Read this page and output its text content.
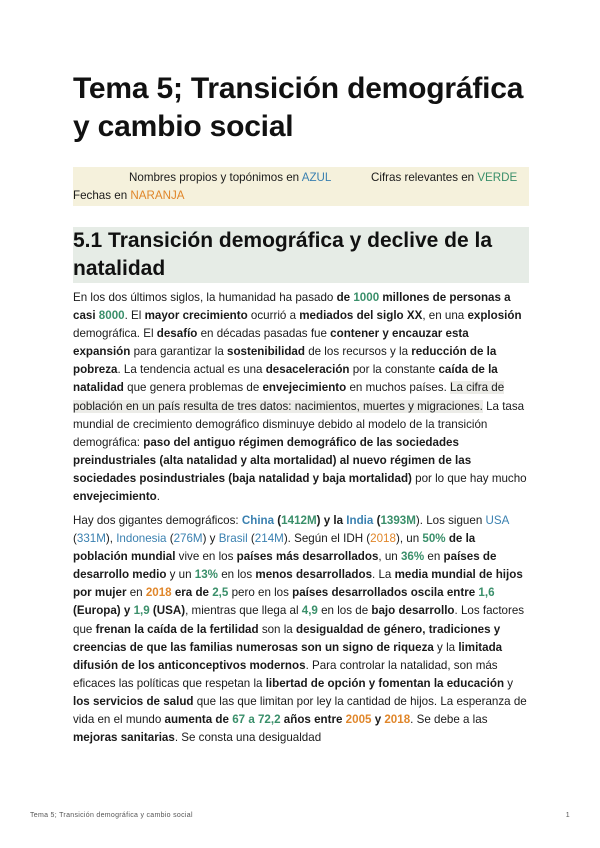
Tema 5; Transición demográfica y cambio social
Nombres propios y topónimos en AZUL	Cifras relevantes en VERDE
Fechas en NARANJA
5.1 Transición demográfica y declive de la natalidad

En los dos últimos siglos, la humanidad ha pasado de 1000 millones de personas a casi 8000. El mayor crecimiento ocurrió a mediados del siglo XX, en una explosión demográfica. El desafío en décadas pasadas fue contener y encauzar esta expansión para garantizar la sostenibilidad de los recursos y la reducción de la pobreza. La tendencia actual es una desaceleración por la constante caída de la natalidad que genera problemas de envejecimiento en muchos países. La cifra de población en un país resulta de tres datos: nacimientos, muertes y migraciones. La tasa mundial de crecimiento demográfico disminuye debido al modelo de la transición demográfica: paso del antiguo régimen demográfico de las sociedades preindustriales (alta natalidad y alta mortalidad) al nuevo régimen de las sociedades posindustriales (baja natalidad y baja mortalidad) por lo que hay mucho envejecimiento.

Hay dos gigantes demográficos: China (1412M) y la India (1393M). Los siguen USA (331M), Indonesia (276M) y Brasil (214M). Según el IDH (2018), un 50% de la población mundial vive en los países más desarrollados, un 36% en países de desarrollo medio y un 13% en los menos desarrollados. La media mundial de hijos por mujer en 2018 era de 2,5 pero en los países desarrollados oscila entre 1,6 (Europa) y 1,9 (USA), mientras que llega al 4,9 en los de bajo desarrollo. Los factores que frenan la caída de la fertilidad son la desigualdad de género, tradiciones y creencias de que las familias numerosas son un signo de riqueza y la limitada difusión de los anticonceptivos modernos. Para controlar la natalidad, son más eficaces las políticas que respetan la libertad de opción y fomentan la educación y los servicios de salud que las que limitan por ley la cantidad de hijos. La esperanza de vida en el mundo aumenta de 67 a 72,2 años entre 2005 y 2018. Se debe a las mejoras sanitarias. Se consta una desigualdad

Tema 5; Transición demográfica y cambio social	1
